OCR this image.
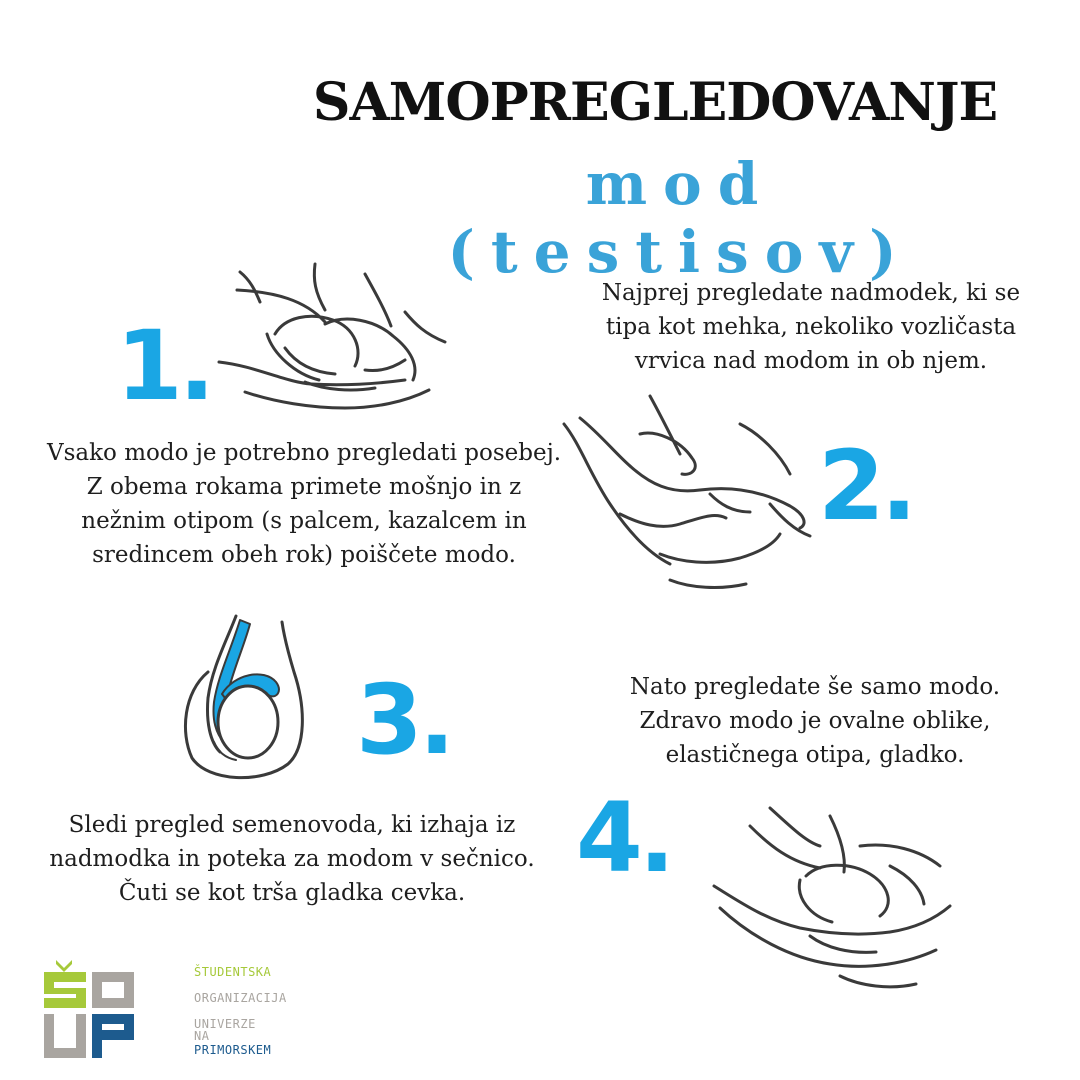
SAMOPREGLEDOVANJE
mod (testisov)
1.
Vsako modo je potrebno pregledati posebej.
Z obema rokama primete mošnjo in z
nežnim otipom (s palcem, kazalcem in
sredincem obeh rok) poiščete modo.
Najprej pregledate nadmodek, ki se
tipa kot mehka, nekoliko vozličasta
vrvica nad modom in ob njem.
2.
3.
Sledi pregled semenovoda, ki izhaja iz
nadmodka in poteka za modom v sečnico.
Čuti se kot trša gladka cevka.
Nato pregledate še samo modo.
Zdravo modo je ovalne oblike,
elastičnega otipa, gladko.
4.
ŠTUDENTSKA
ORGANIZACIJA
UNIVERZE NA
PRIMORSKEM
